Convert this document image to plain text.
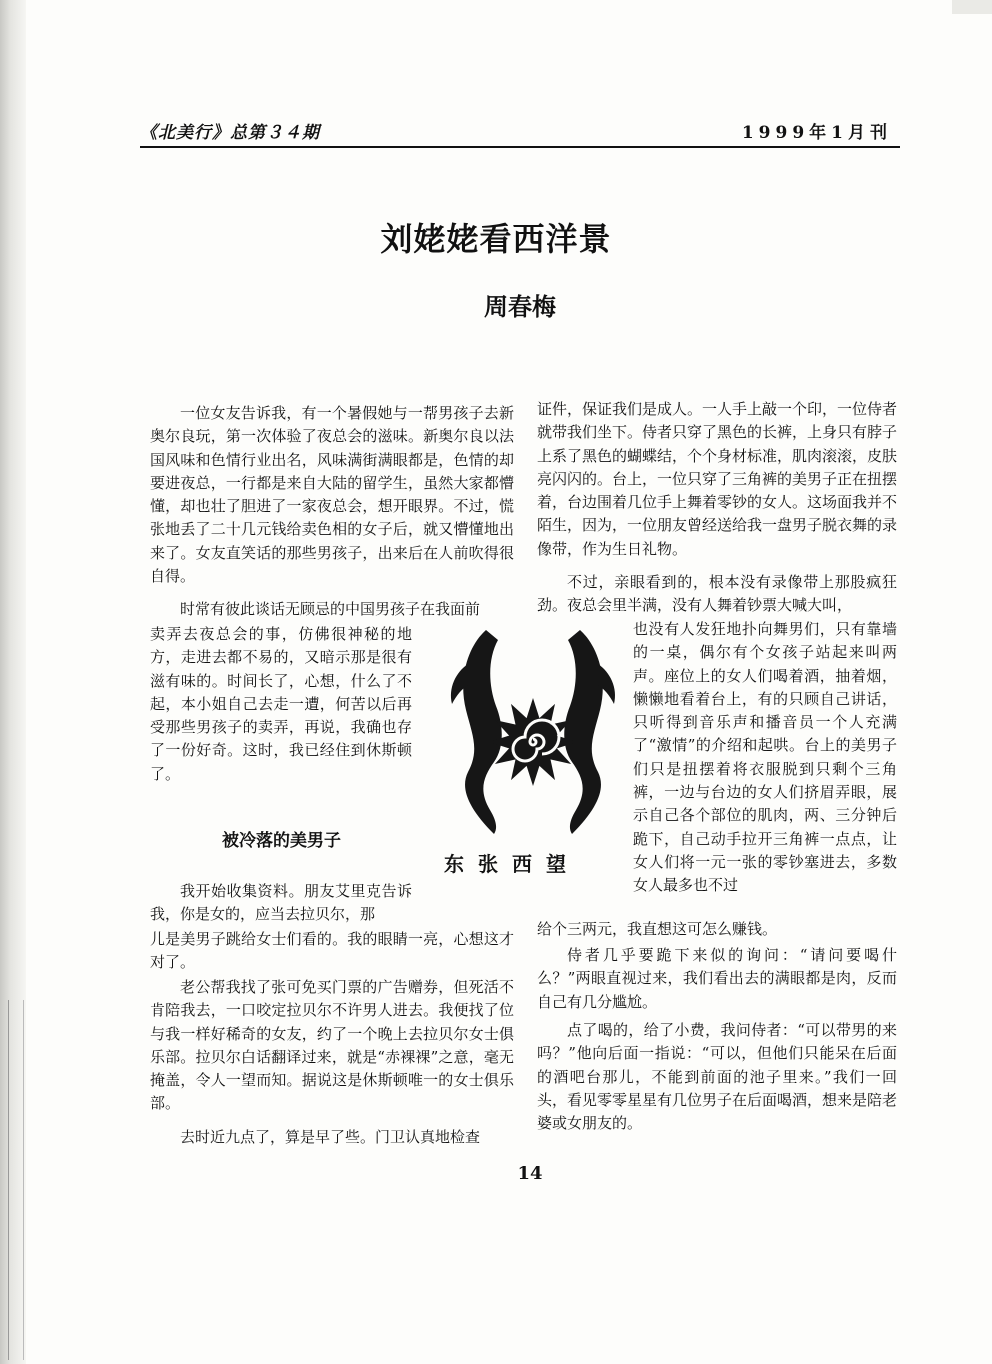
《北美行》总第３４期	1999年1月刊
刘姥姥看西洋景
周春梅

一位女友告诉我，有一个暑假她与一帮男孩子去新奥尔良玩，第一次体验了夜总会的滋味。新奥尔良以法国风味和色情行业出名，风味满街满眼都是，色情的却要进夜总，一行都是来自大陆的留学生，虽然大家都懵懂，却也壮了胆进了一家夜总会，想开眼界。不过，慌张地丢了二十几元钱给卖色相的女子后，就又懵懂地出来了。女友直笑话的那些男孩子，出来后在人前吹得很自得。

时常有彼此谈话无顾忌的中国男孩子在我面前

卖弄去夜总会的事，仿佛很神秘的地方，走进去都不易的，又暗示那是很有滋有味的。时间长了，心想，什么了不起，本小姐自己去走一遭，何苦以后再受那些男孩子的卖弄，再说，我确也存了一份好奇。这时，我已经住到休斯顿了。

被冷落的美男子

我开始收集资料。朋友艾里克告诉我，你是女的，应当去拉贝尔，那

儿是美男子跳给女士们看的。我的眼睛一亮，心想这才对了。

老公帮我找了张可免买门票的广告赠券，但死活不肯陪我去，一口咬定拉贝尔不许男人进去。我便找了位与我一样好稀奇的女友，约了一个晚上去拉贝尔女士俱乐部。拉贝尔白话翻译过来，就是“赤裸裸”之意，毫无掩盖，令人一望而知。据说这是休斯顿唯一的女士俱乐部。

去时近九点了，算是早了些。门卫认真地检查

证件，保证我们是成人。一人手上敲一个印，一位侍者就带我们坐下。侍者只穿了黑色的长裤，上身只有脖子上系了黑色的蝴蝶结，个个身材标准，肌肉滚滚，皮肤亮闪闪的。台上，一位只穿了三角裤的美男子正在扭摆着，台边围着几位手上舞着零钞的女人。这场面我并不陌生，因为，一位朋友曾经送给我一盘男子脱衣舞的录像带，作为生日礼物。

不过，亲眼看到的，根本没有录像带上那股疯狂劲。夜总会里半满，没有人舞着钞票大喊大叫，

也没有人发狂地扑向舞男们，只有靠墙的一桌，偶尔有个女孩子站起来叫两声。座位上的女人们喝着酒，抽着烟，懒懒地看着台上，有的只顾自己讲话，只听得到音乐声和播音员一个人充满了“激情”的介绍和起哄。台上的美男子们只是扭摆着将衣服脱到只剩个三角裤，一边与台边的女人们挤眉弄眼，展示自己各个部位的肌肉，两、三分钟后跪下，自己动手拉开三角裤一点点，让女人们将一元一张的零钞塞进去，多数女人最多也不过

给个三两元，我直想这可怎么赚钱。

侍者几乎要跪下来似的询问：“请问要喝什么？”两眼直视过来，我们看出去的满眼都是肉，反而自己有几分尴尬。

点了喝的，给了小费，我问侍者：“可以带男的来吗？”他向后面一指说：“可以，但他们只能呆在后面的酒吧台那儿，不能到前面的池子里来。”我们一回头，看见零零星星有几位男子在后面喝酒，想来是陪老婆或女朋友的。

东张西望
14
